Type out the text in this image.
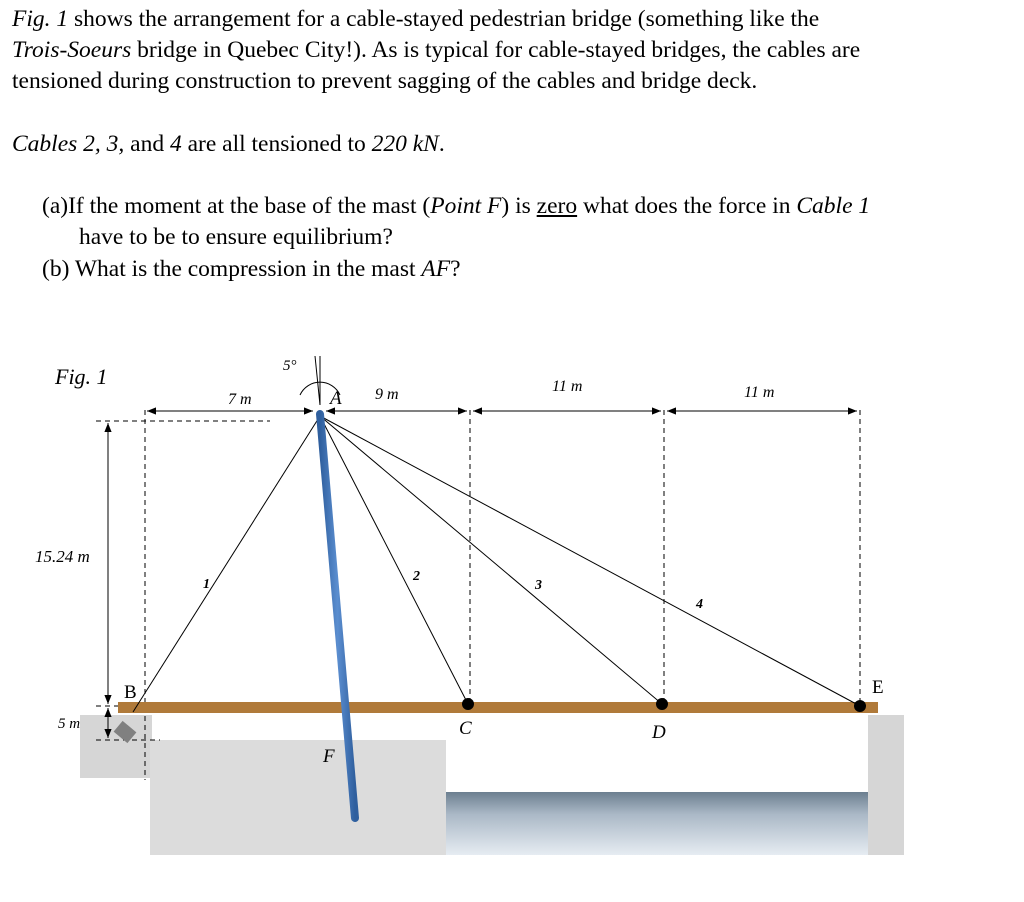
Fig. 1 shows the arrangement for a cable-stayed pedestrian bridge (something like the
Trois-Soeurs bridge in Quebec City!). As is typical for cable-stayed bridges, the cables are
tensioned during construction to prevent sagging of the cables and bridge deck.
Cables 2, 3, and 4 are all tensioned to 220 kN.
(a)If the moment at the base of the mast (Point F) is zero what does the force in Cable 1
have to be to ensure equilibrium?
(b) What is the compression in the mast AF?
Fig. 1	5°
7 m	9 m	11 m	11 m
15.24 m
5 m
A
B
C	D
E
F
1
2
3
4
